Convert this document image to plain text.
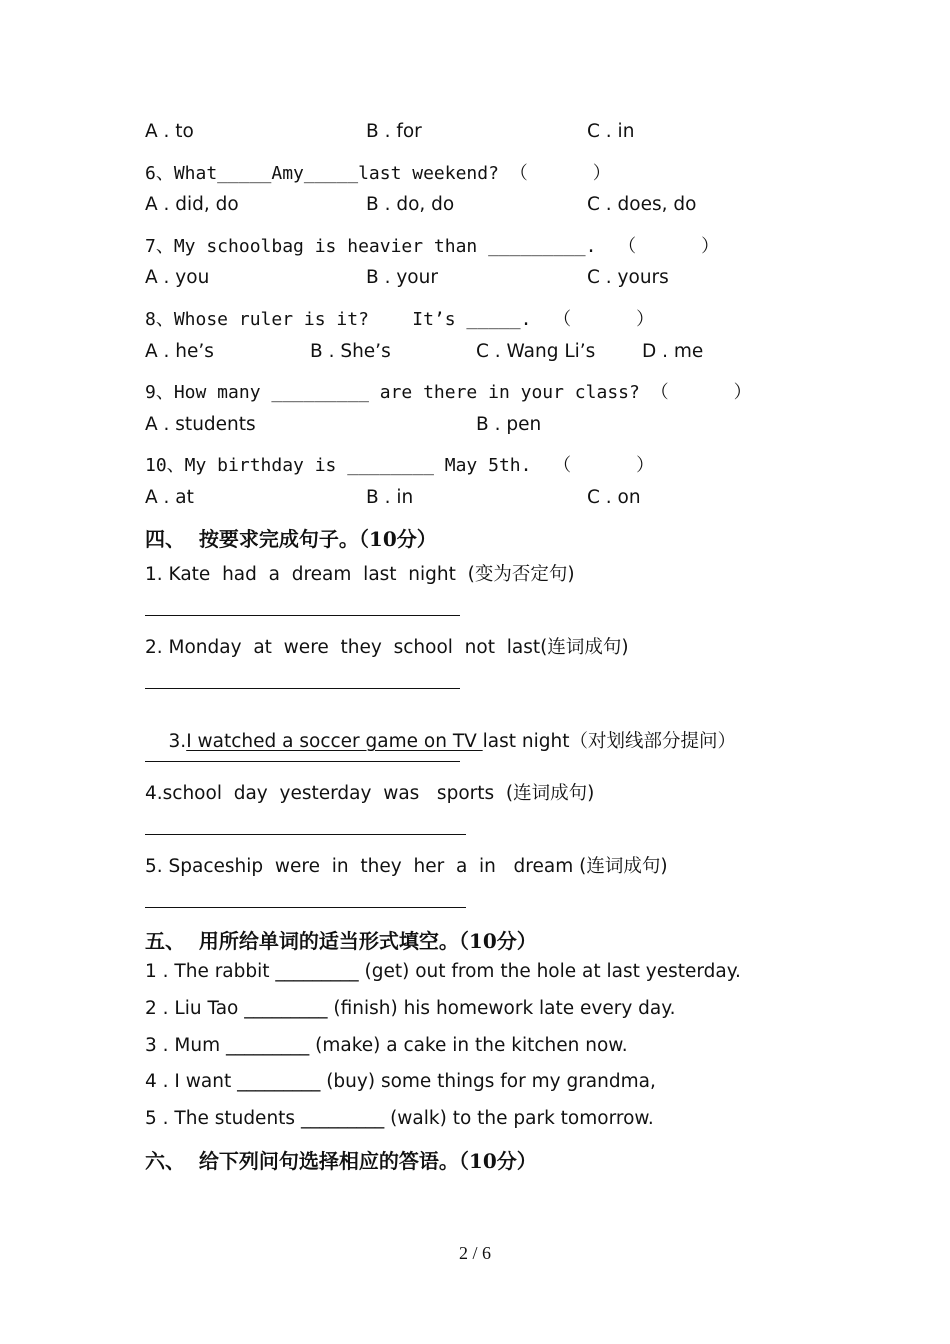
A . to	B . for	C . in
6、What_____Amy_____last weekend? （      ）
A . did, do	B . do, do	C . does, do
7、My schoolbag is heavier than _________.  （      ）
A . you	B . your	C . yours
8、Whose ruler is it?    It’s _____.  （      ）
A . he’s	B . She’s	C . Wang Li’s	D . me
9、How many _________ are there in your class? （      ）
A . students	B . pen
10、My birthday is ________ May 5th.  （      ）
A . at	B . in	C . on
四、  按要求完成句子。（10分）
1. Kate  had  a  dream  last  night  (变为否定句)
2. Monday  at  were  they  school  not  last(连词成句)

3.I watched a soccer game on TV last night（对划线部分提问）

4.school  day  yesterday  was   sports  (连词成句)
5. Spaceship  were  in  they  her  a  in   dream (连词成句)
五、  用所给单词的适当形式填空。（10分）
1 . The rabbit _________ (get) out from the hole at last yesterday.
2 . Liu Tao _________ (finish) his homework late every day.
3 . Mum _________ (make) a cake in the kitchen now.
4 . I want _________ (buy) some things for my grandma,
5 . The students _________ (walk) to the park tomorrow.
六、  给下列问句选择相应的答语。（10分）
2 / 6
